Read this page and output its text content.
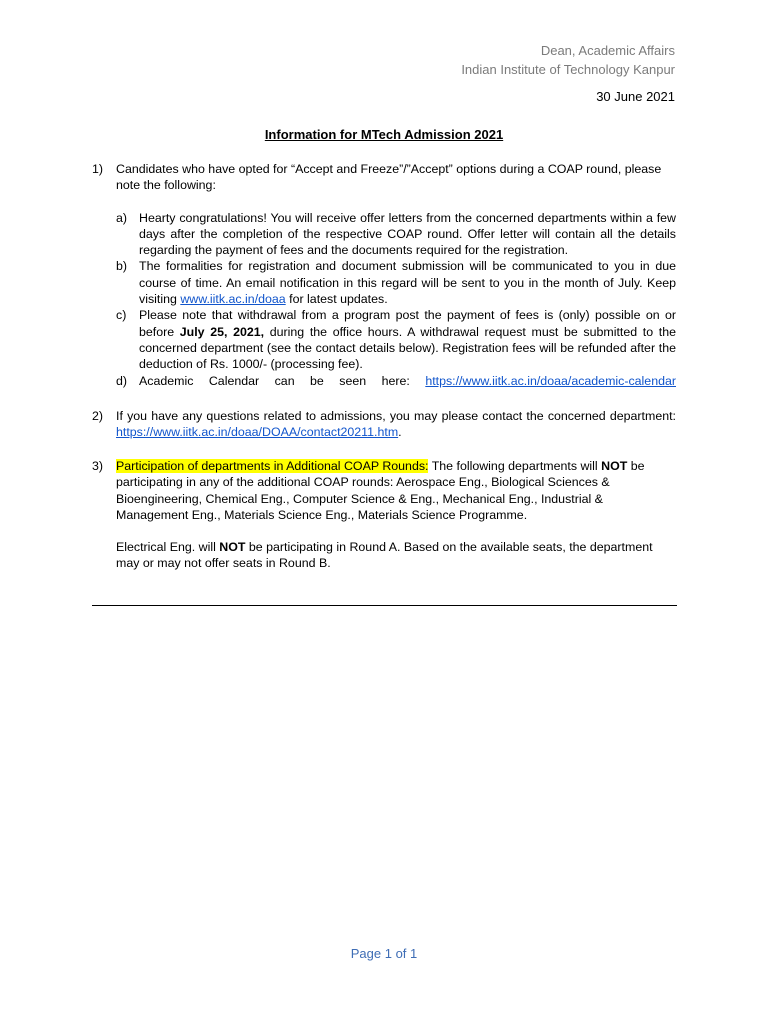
Dean, Academic Affairs
Indian Institute of Technology Kanpur
30 June 2021
Information for MTech Admission 2021
1) Candidates who have opted for “Accept and Freeze”/”Accept” options during a COAP round, please note the following:
a) Hearty congratulations! You will receive offer letters from the concerned departments within a few days after the completion of the respective COAP round. Offer letter will contain all the details regarding the payment of fees and the documents required for the registration.
b) The formalities for registration and document submission will be communicated to you in due course of time. An email notification in this regard will be sent to you in the month of July. Keep visiting www.iitk.ac.in/doaa for latest updates.
c) Please note that withdrawal from a program post the payment of fees is (only) possible on or before July 25, 2021, during the office hours. A withdrawal request must be submitted to the concerned department (see the contact details below). Registration fees will be refunded after the deduction of Rs. 1000/- (processing fee).
d) Academic Calendar can be seen here: https://www.iitk.ac.in/doaa/academic-calendar
2) If you have any questions related to admissions, you may please contact the concerned department: https://www.iitk.ac.in/doaa/DOAA/contact20211.htm.
3) Participation of departments in Additional COAP Rounds: The following departments will NOT be participating in any of the additional COAP rounds: Aerospace Eng., Biological Sciences & Bioengineering, Chemical Eng., Computer Science & Eng., Mechanical Eng., Industrial & Management Eng., Materials Science Eng., Materials Science Programme.
Electrical Eng. will NOT be participating in Round A. Based on the available seats, the department may or may not offer seats in Round B.
Page 1 of 1
